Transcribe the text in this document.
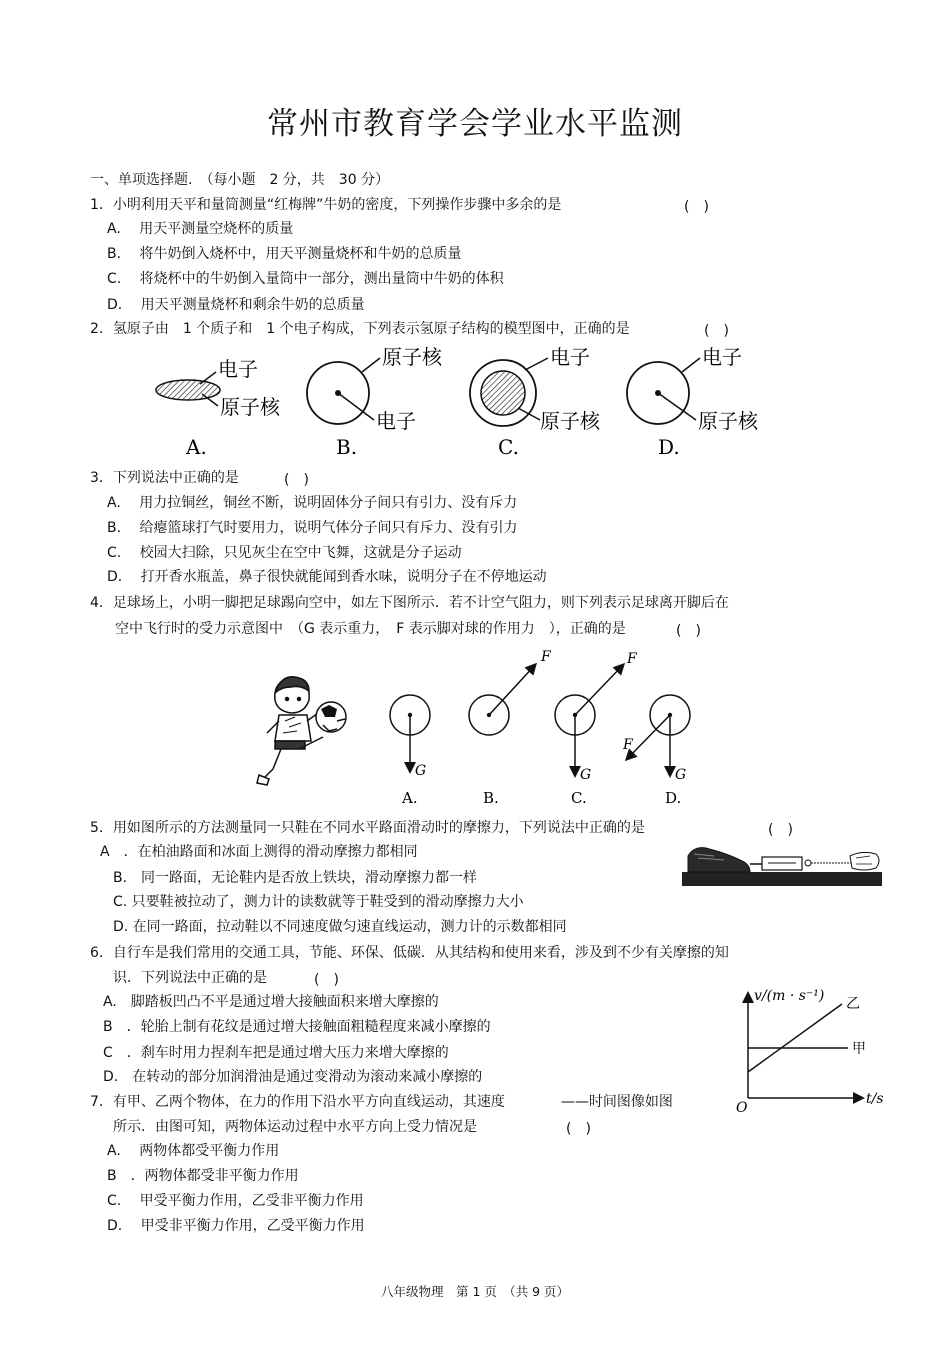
常州市教育学会学业水平监测
一、单项选择题.　（每小题　2 分，共　30 分）
1．小明利用天平和量筒测量“红梅牌”牛奶的密度，下列操作步骤中多余的是	(　)
A.　 用天平测量空烧杯的质量
B.　 将牛奶倒入烧杯中，用天平测量烧杯和牛奶的总质量
C.　 将烧杯中的牛奶倒入量筒中一部分，测出量筒中牛奶的体积
D.　 用天平测量烧杯和剩余牛奶的总质量
2．氢原子由　1 个质子和　1 个电子构成，下列表示氢原子结构的模型图中，正确的是	(　)
电子
原子核
A.
原子核
电子
B.
电子
原子核
C.
电子
原子核
D.
3．下列说法中正确的是	(　)
A.　 用力拉铜丝，铜丝不断，说明固体分子间只有引力、没有斥力
B.　 给瘪篮球打气时要用力，说明气体分子间只有斥力、没有引力
C.　 校园大扫除，只见灰尘在空中飞舞，这就是分子运动
D.　 打开香水瓶盖，鼻子很快就能闻到香水味，说明分子在不停地运动
4．足球场上，小明一脚把足球踢向空中，如左下图所示．若不计空气阻力，则下列表示足球离开脚后在
空中飞行时的受力示意图中　（G 表示重力，　F 表示脚对球的作用力　），正确的是	(　)
G
A.
F
B.
F
G
C.
F
G
D.
5．用如图所示的方法测量同一只鞋在不同水平路面滑动时的摩擦力，下列说法中正确的是	(　)
A　．在柏油路面和冰面上测得的滑动摩擦力都相同
B.　同一路面，无论鞋内是否放上铁块，滑动摩擦力都一样
C. 只要鞋被拉动了，测力计的读数就等于鞋受到的滑动摩擦力大小
D. 在同一路面，拉动鞋以不同速度做匀速直线运动，测力计的示数都相同
6．自行车是我们常用的交通工具，节能、环保、低碳．从其结构和使用来看，涉及到不少有关摩擦的知
识．下列说法中正确的是	(　)
A.　脚踏板凹凸不平是通过增大接触面积来增大摩擦的
B　．轮胎上制有花纹是通过增大接触面粗糙程度来减小摩擦的
C　．刹车时用力捏刹车把是通过增大压力来增大摩擦的
D.　在转动的部分加润滑油是通过变滑动为滚动来减小摩擦的
v/(m · s⁻¹)
t/s
O
甲
乙
7．有甲、乙两个物体，在力的作用下沿水平方向直线运动，其速度　　　　——时间图像如图
所示．由图可知，两物体运动过程中水平方向上受力情况是	(　)
A.　 两物体都受平衡力作用
B　．两物体都受非平衡力作用
C.　 甲受平衡力作用，乙受非平衡力作用
D.　 甲受非平衡力作用，乙受平衡力作用
八年级物理　第 1 页　（共 9 页）
